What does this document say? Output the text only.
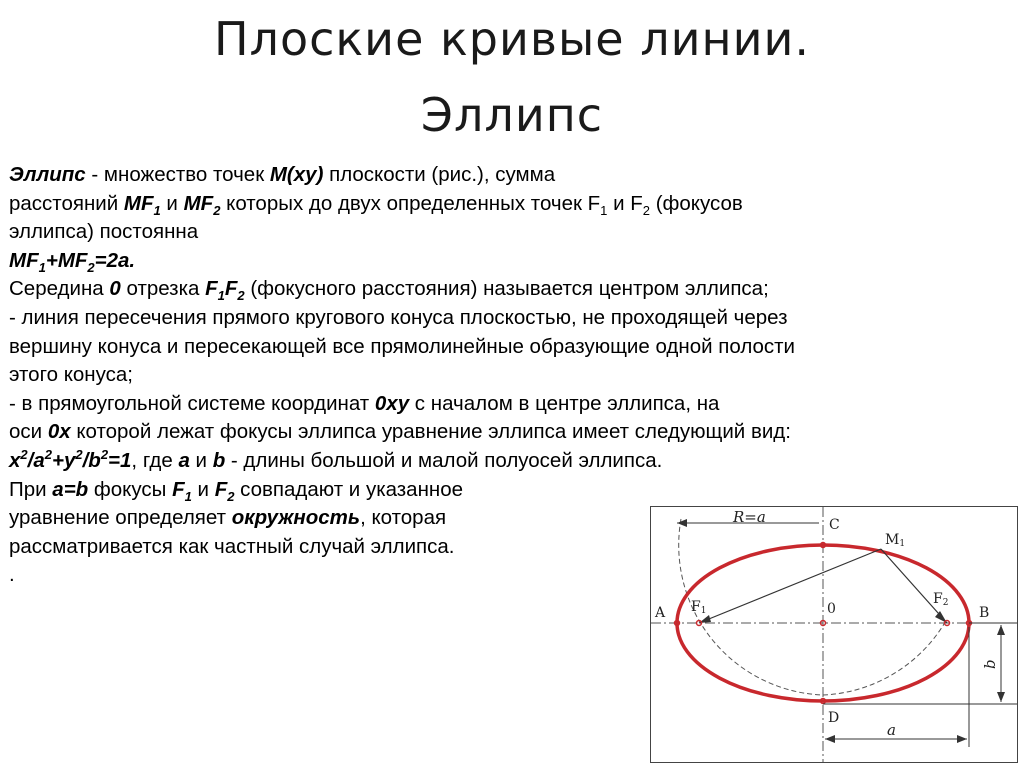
Плоские кривые линии.
Эллипс

Эллипс - множество точек М(ху) плоскости (рис.), сумма

расстояний $MF_1$ и $MF_2$ которых до двух определенных точек $F_1$ и $F_2$ (фокусов

эллипса) постоянна

$MF_1+MF_2=2a$.

Середина 0 отрезка $F_1F_2$ (фокусного расстояния) называется центром эллипса;

- линия пересечения прямого кругового конуса плоскостью, не проходящей через

вершину конуса и пересекающей все прямолинейные образующие одной полости

этого конуса;

- в прямоугольной системе координат 0ху с началом в центре эллипса, на

оси 0х которой лежат фокусы эллипса уравнение эллипса имеет следующий вид:

$x^2/a^2+y^2/b^2=1$, где a и b - длины большой и малой полуосей эллипса.

При a=b фокусы $F_1$ и $F_2$ совпадают и указанное

уравнение определяет окружность, которая

рассматривается как частный случай эллипса.

.

R=a	C
M1
A F1	0
F2
B
b
D
a
